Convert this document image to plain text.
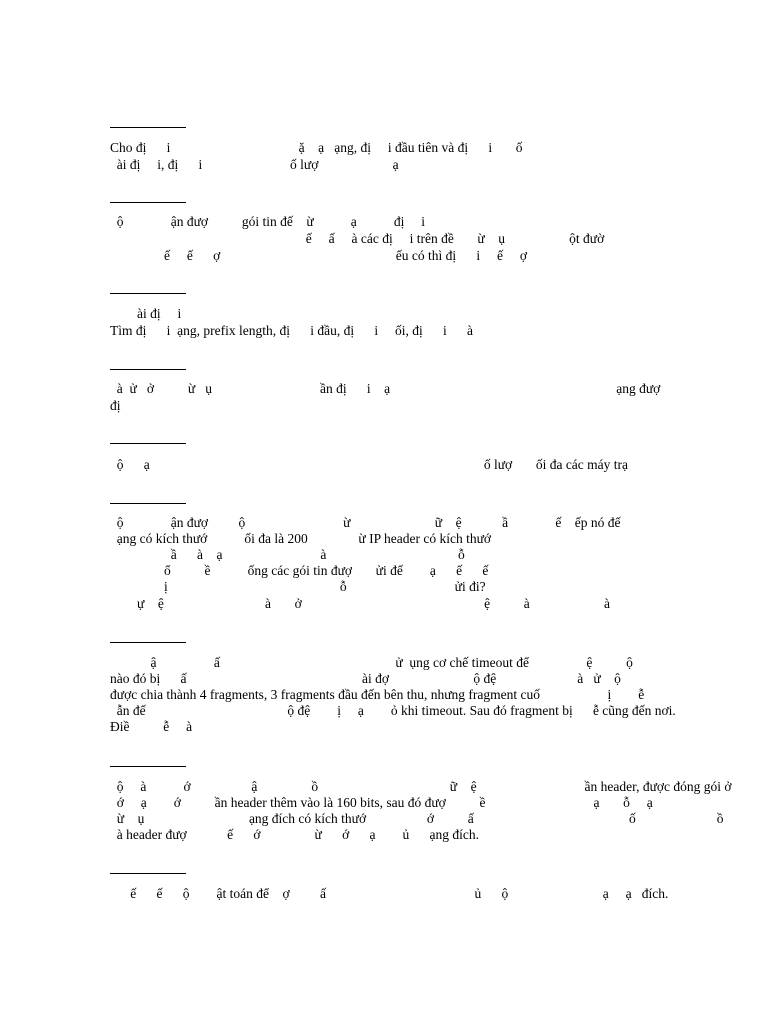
Cho đị      i                                      ặ    ạ   ạng, đị     i đầu tiên và đị      i       ố
ài đị     i, đị      i                          ố lượ                      ạ
ộ              ận đượ          gói tin đế    ừ           ạ           đị     i
ế     ấ     à các đị     i trên đề       ừ    ụ                   ột đườ
ế     ế      ợ                                                    ếu có thì đị      i     ế     ợ
ài đị     i
Tìm đị      i  ạng, prefix length, đị      i đầu, đị      i     ối, đị      i      à
à  ử   ở          ừ   ụ                                ần đị      i    ạ                                                                   ạng đượ
đị
ộ      ạ                                                                                                   ố lượ       ối đa các máy trạ
ộ              ận đượ         ộ                             ừ                         ữ    ệ            ầ              ế    ếp nó đế
ạng có kích thướ           ối đa là 200               ừ IP header có kích thướ
ầ      à    ạ                             à                                       ỗ
ổ          ề           ống các gói tin đượ       ửi đế        ạ      ế      ế
ị                                                   ỗ                                ửi đi?
ự    ệ                              à       ở                                                      ệ          à                      à
ậ                 ấ                                                    ử  ụng cơ chế timeout để                 ệ          ộ
nào đó bị      ấ                                                    ài đợ                         ộ đệ                        à   ử    ộ
được chia thành 4 fragments, 3 fragments đầu đến bên thu, nhưng fragment cuố                    ị        ễ
ẫn đế                                          ộ đệ        ị     ạ        ỏ khi timeout. Sau đó fragment bị      ễ cũng đến nơi.
Điề          ễ     à
ộ     à           ớ                  ậ                ồ                                       ữ    ệ                                ần header, được đóng gói ở
ớ     ạ        ớ          ần header thêm vào là 160 bits, sau đó đượ          ề                                ạ       ỗ     ạ
ừ    ụ                               ạng đích có kích thướ                  ớ          ấ                                              ố                        ồ
à header đượ            ế      ớ                ừ      ớ      ạ        ủ      ạng đích.
ế      ế      ộ        ật toán để    ợ         ấ                                            ủ      ộ                            ạ     ạ   đích.
